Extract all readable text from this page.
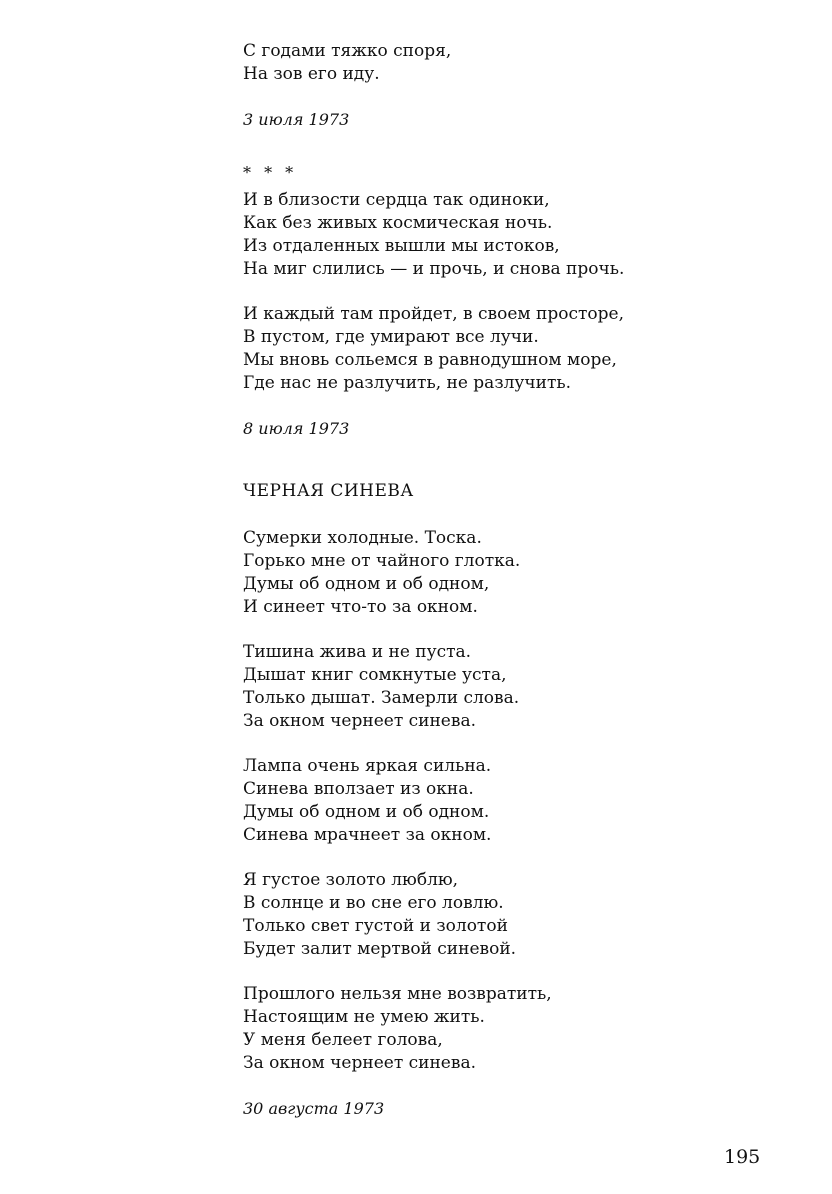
С годами тяжко споря,
На зов его иду.
3 июля 1973
* * *
И в близости сердца так одиноки,
Как без живых космическая ночь.
Из отдаленных вышли мы истоков,
На миг слились — и прочь, и снова прочь.
И каждый там пройдет, в своем просторе,
В пустом, где умирают все лучи.
Мы вновь сольемся в равнодушном море,
Где нас не разлучить, не разлучить.
8 июля 1973
ЧЕРНАЯ СИНЕВА
Сумерки холодные. Тоска.
Горько мне от чайного глотка.
Думы об одном и об одном,
И синеет что-то за окном.
Тишина жива и не пуста.
Дышат книг сомкнутые уста,
Только дышат. Замерли слова.
За окном чернеет синева.
Лампа очень яркая сильна.
Синева вползает из окна.
Думы об одном и об одном.
Синева мрачнеет за окном.
Я густое золото люблю,
В солнце и во сне его ловлю.
Только свет густой и золотой
Будет залит мертвой синевой.
Прошлого нельзя мне возвратить,
Настоящим не умею жить.
У меня белеет голова,
За окном чернеет синева.
30 августа 1973
195
